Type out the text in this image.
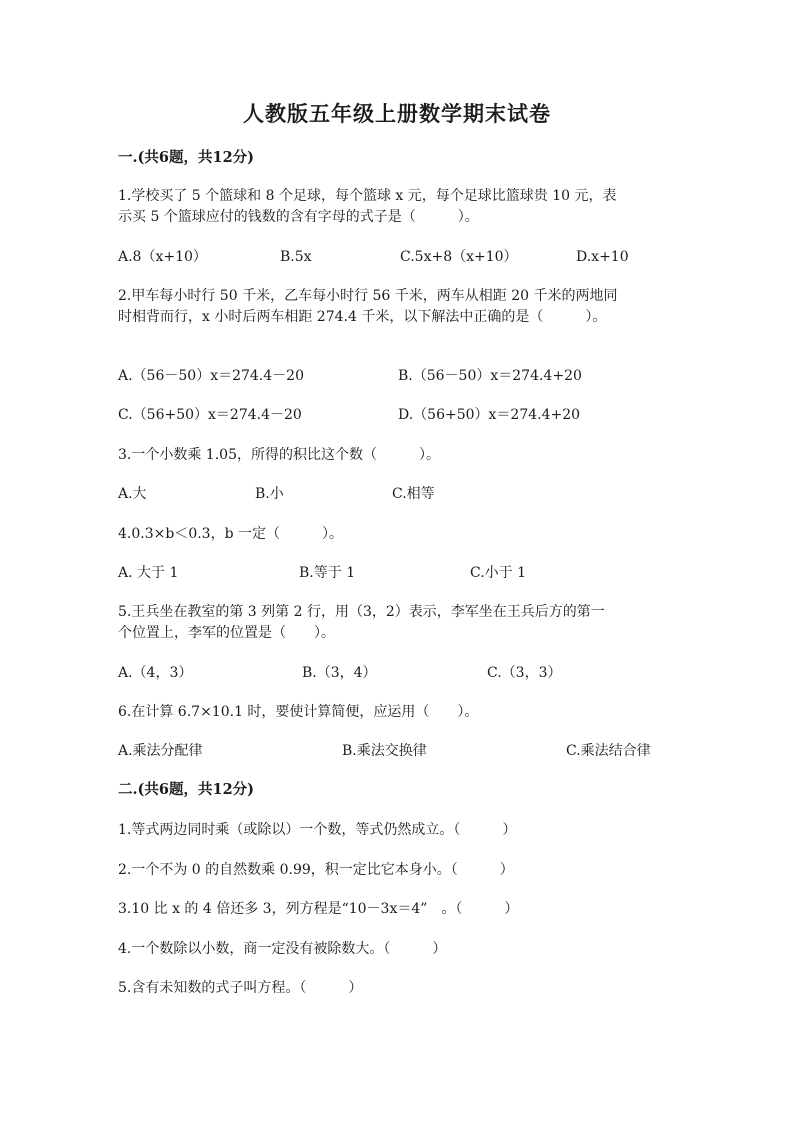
人教版五年级上册数学期末试卷
一.(共6题，共12分)
1.学校买了 5 个篮球和 8 个足球，每个篮球 x 元，每个足球比篮球贵 10 元，表
示买 5 个篮球应付的钱数的含有字母的式子是（　　　）。
A.8（x+10）	B.5x	C.5x+8（x+10）	D.x+10
2.甲车每小时行 50 千米，乙车每小时行 56 千米，两车从相距 20 千米的两地同
时相背而行，x 小时后两车相距 274.4 千米，以下解法中正确的是（　　　）。
A.（56－50）x＝274.4－20	B.（56－50）x＝274.4+20
C.（56+50）x＝274.4－20	D.（56+50）x＝274.4+20
3.一个小数乘 1.05，所得的积比这个数（　　　）。
A.大	B.小	C.相等
4.0.3×b＜0.3，b 一定（　　　）。
A. 大于 1	B.等于 1	C.小于 1
5.王兵坐在教室的第 3 列第 2 行，用（3，2）表示，李军坐在王兵后方的第一
个位置上，李军的位置是（　　）。
A.（4，3）	B.（3，4）	C.（3，3）
6.在计算 6.7×10.1 时，要使计算简便，应运用（　　）。
A.乘法分配律	B.乘法交换律	C.乘法结合律
二.(共6题，共12分)
1.等式两边同时乘（或除以）一个数，等式仍然成立。（　　　）
2.一个不为 0 的自然数乘 0.99，积一定比它本身小。（　　　）
3.10 比 x 的 4 倍还多 3，列方程是“10－3x＝4”　。（　　　）
4.一个数除以小数，商一定没有被除数大。（　　　）
5.含有未知数的式子叫方程。（　　　）
